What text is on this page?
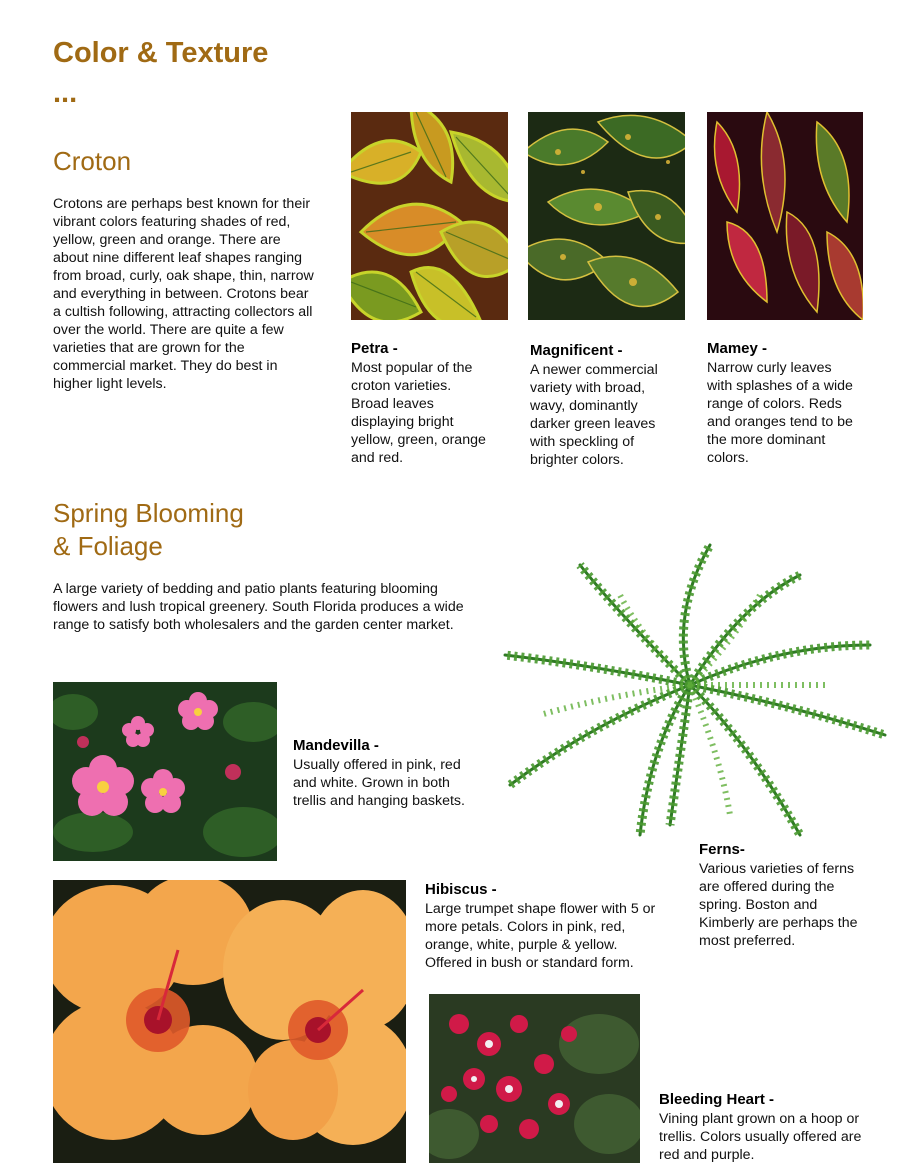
Color & Texture
...
Croton

Crotons are perhaps best known for their vibrant colors featuring shades of red, yellow, green and orange. There are about nine different leaf shapes ranging from broad, curly, oak shape, thin, narrow and everything in between. Crotons bear a cultish following, attracting collectors all over the world. There are quite a few varieties that are grown for the commercial market. They do best in higher light levels.

Petra -
Most popular of the croton varieties. Broad leaves displaying bright yellow, green, orange and red.
Magnificent -
A newer commercial variety with broad, wavy, dominantly darker green leaves with speckling of brighter colors.
Mamey -
Narrow curly leaves with splashes of a wide range of colors. Reds and oranges tend to be the more dominant colors.
Spring Blooming
& Foliage

A large variety of bedding and patio plants featuring blooming flowers and lush tropical greenery. South Florida produces a wide range to satisfy both wholesalers and the garden center market.

Mandevilla -
Usually offered in pink, red and white. Grown in both trellis and hanging baskets.
Ferns-
Various varieties of ferns are offered during the spring. Boston and Kimberly are perhaps the most preferred.
Hibiscus -
Large trumpet shape flower with 5 or more petals. Colors in pink, red, orange, white, purple & yellow. Offered in bush or standard form.
Bleeding Heart -
Vining plant grown on a hoop or trellis. Colors usually offered are red and purple.
